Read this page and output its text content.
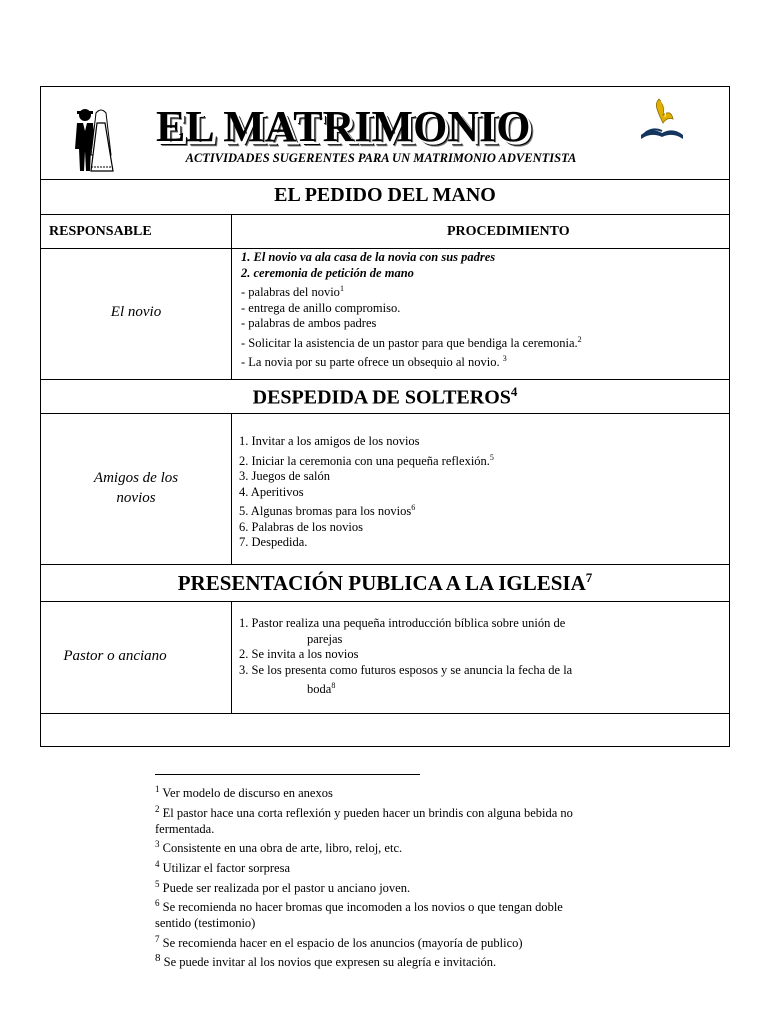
EL MATRIMONIO
ACTIVIDADES SUGERENTES PARA UN MATRIMONIO ADVENTISTA
EL PEDIDO DEL MANO
RESPONSABLE	PROCEDIMIENTO
El novio
1. El novio va ala casa de la novia con sus padres
2. ceremonia de petición de mano
- palabras del novio$^1$
- entrega de anillo compromiso.
- palabras de ambos padres
- Solicitar la asistencia de un pastor para que bendiga la ceremonia.$^2$
- La novia por su parte ofrece un obsequio al novio. $^3$
DESPEDIDA DE SOLTEROS$^4$
Amigos de los novios
1. Invitar a los amigos de los novios
2. Iniciar la ceremonia con una pequeña reflexión.$^5$
3. Juegos de salón
4. Aperitivos
5. Algunas bromas para los novios$^6$
6. Palabras de los novios
7. Despedida.
PRESENTACIÓN PUBLICA A LA IGLESIA$^7$
Pastor o anciano
1. Pastor realiza una pequeña introducción bíblica sobre unión de
parejas
2. Se invita a los novios
3. Se los presenta como futuros esposos y se anuncia la fecha de la
boda$^8$
$^1$ Ver modelo de discurso en anexos
$^2$ El pastor hace una corta reflexión y pueden hacer un brindis con alguna bebida no fermentada.
$^3$ Consistente en una obra de arte, libro, reloj, etc.
$^4$ Utilizar el factor sorpresa
$^5$ Puede ser realizada por el pastor u anciano joven.
$^6$ Se recomienda no hacer bromas que incomoden a los novios o que tengan doble sentido (testimonio)
$^7$ Se recomienda hacer en el espacio de los anuncios (mayoría de publico)
$^8$ Se puede invitar al los novios que expresen su alegría e invitación.
